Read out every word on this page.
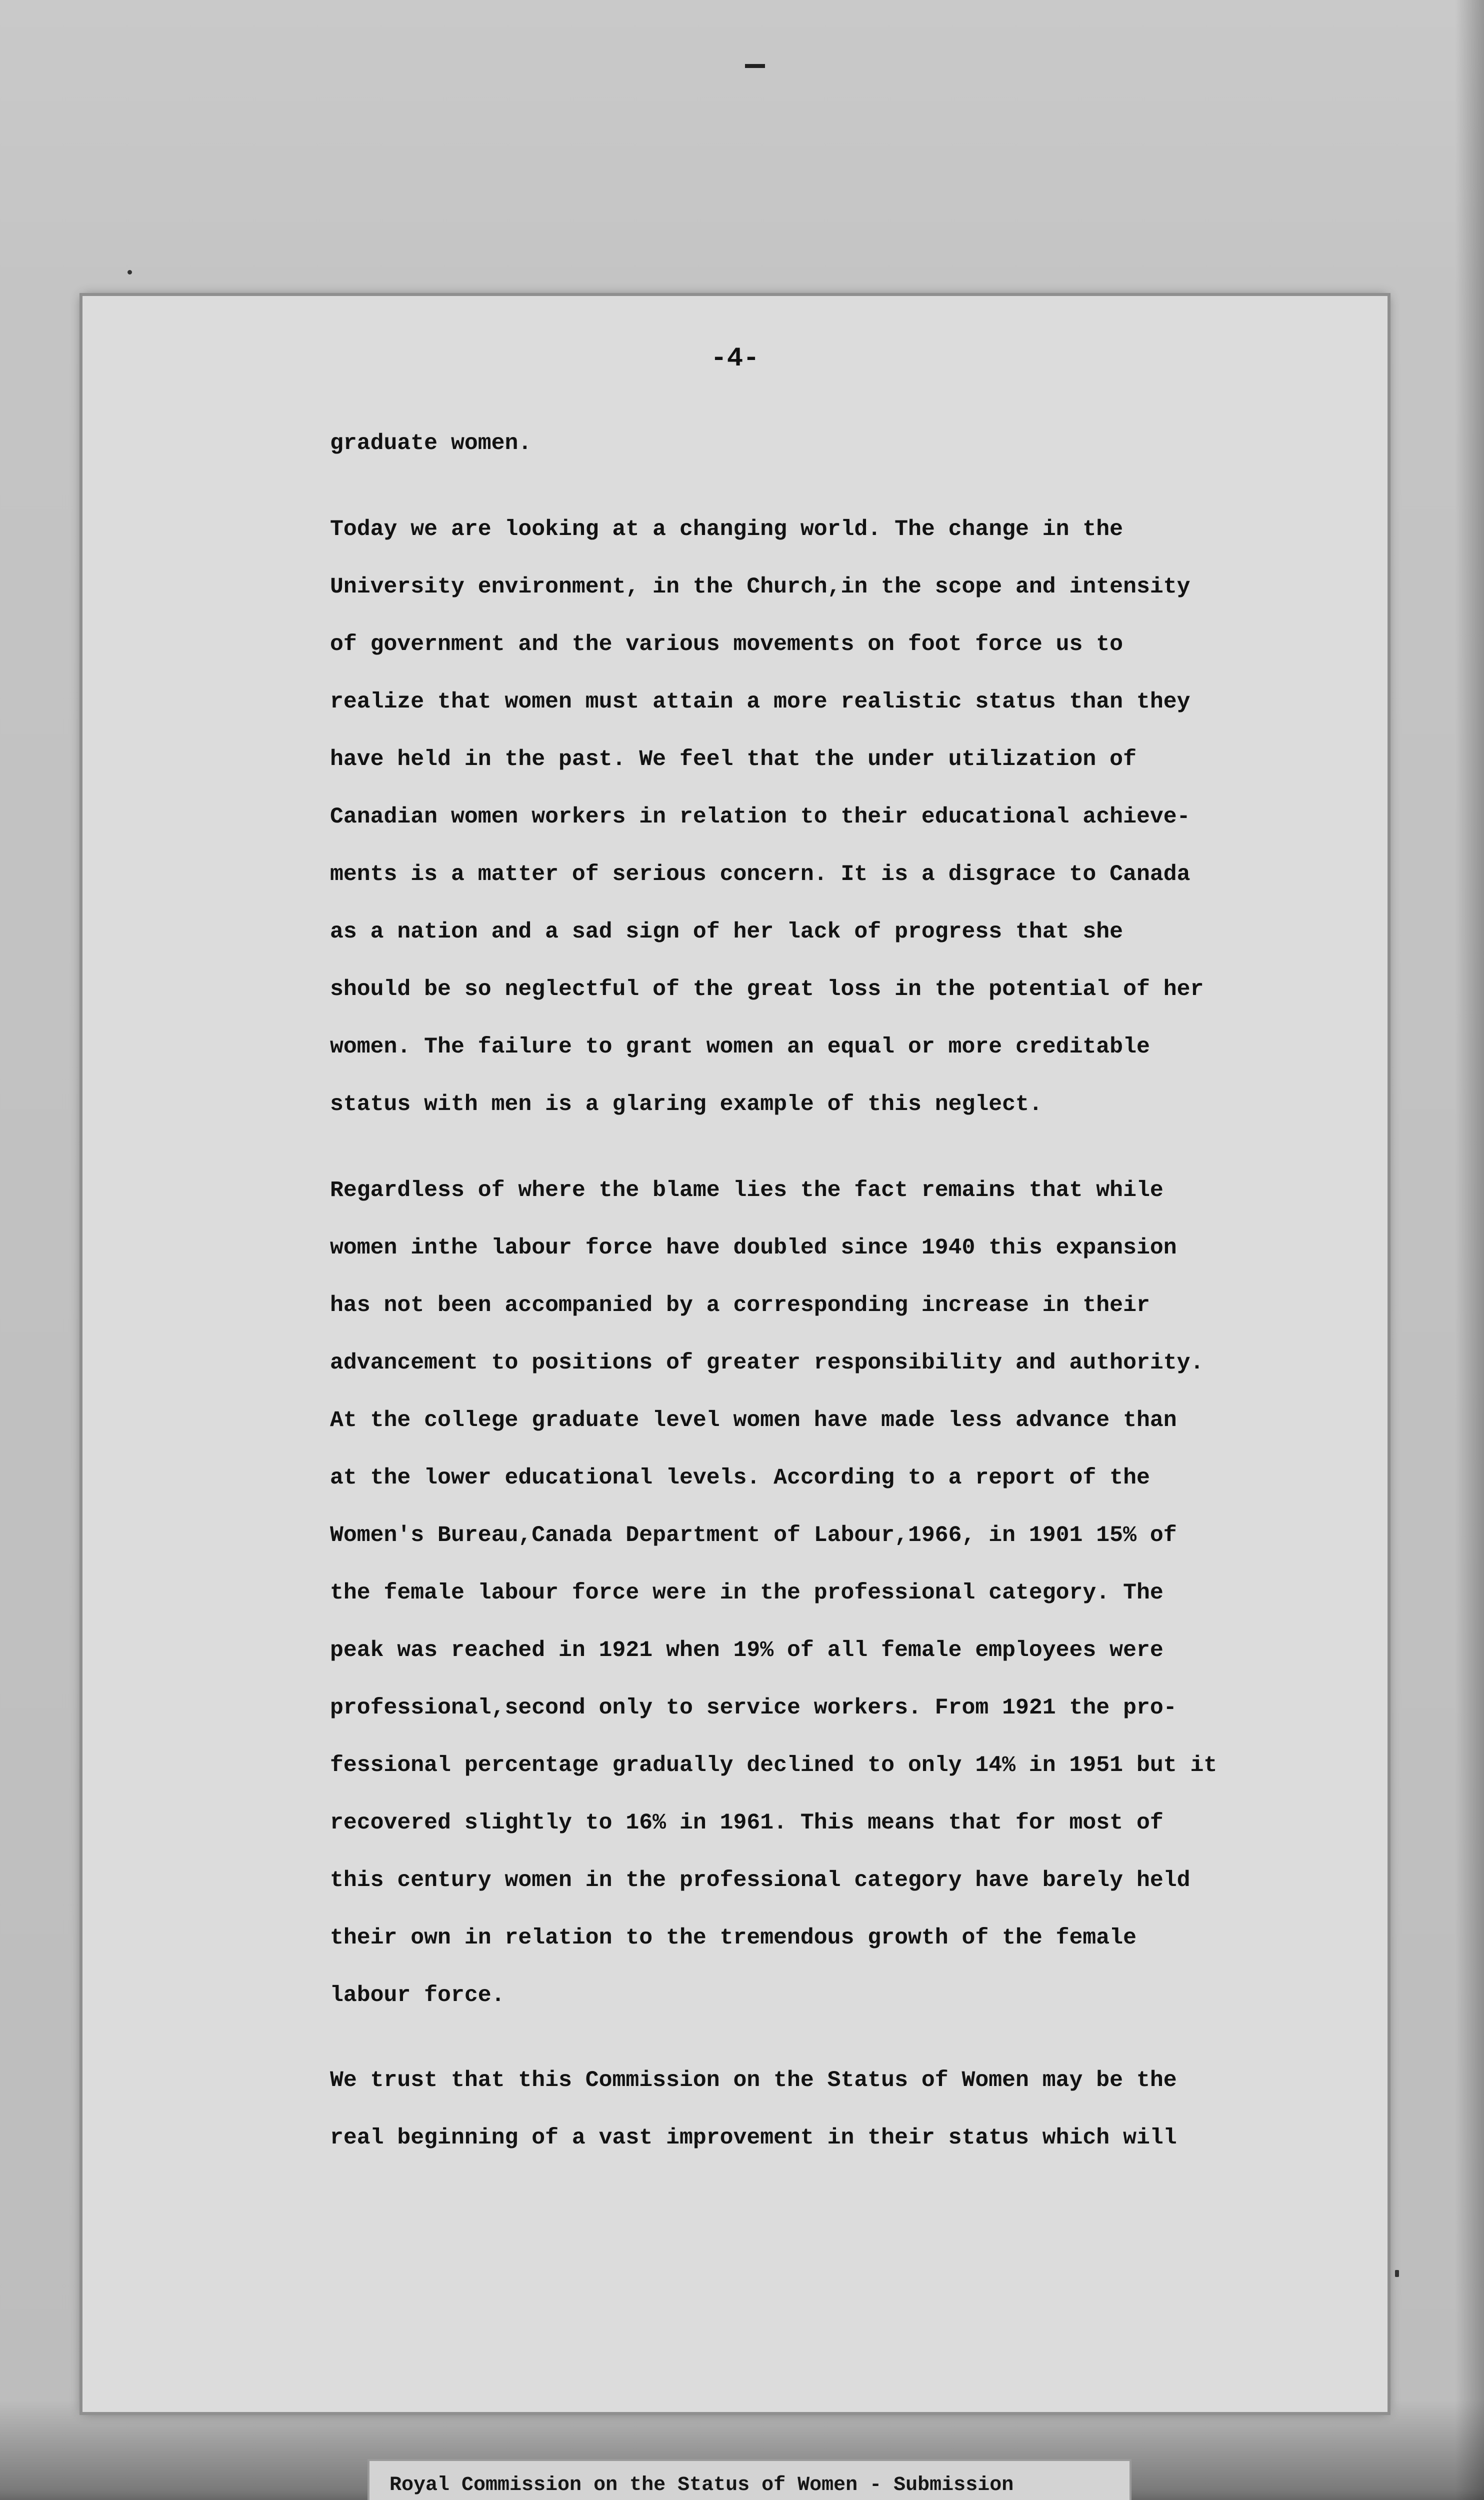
-4-
graduate women.
Today we are looking at a changing world. The change in the
University environment, in the Church,in the scope and intensity
of government and the various movements on foot force us to
realize that women must attain a more realistic status than they
have held in the past. We feel that the under utilization of
Canadian women workers in relation to their educational achieve-
ments is a matter of serious concern. It is a disgrace to Canada
as a nation and a sad sign of her lack of progress that she
should be so neglectful of the great loss in the potential of her
women. The failure to grant women an equal or more creditable
status with men is a glaring example of this neglect.
Regardless of where the blame lies the fact remains that while
women inthe labour force have doubled since 1940 this expansion
has not been accompanied by a corresponding increase in their
advancement to positions of greater responsibility and authority.
At the college graduate level women have made less advance than
at the lower educational levels. According to a report of the
Women's Bureau,Canada Department of Labour,1966, in 1901 15% of
the female labour force were in the professional category. The
peak was reached in 1921 when 19% of all female employees were
professional,second only to service workers. From 1921 the pro-
fessional percentage gradually declined to only 14% in 1951 but it
recovered slightly to 16% in 1961. This means that for most of
this century women in the professional category have barely held
their own in relation to the tremendous growth of the female
labour force.
We trust that this Commission on the Status of Women may be the
real beginning of a vast improvement in their status which will
Royal Commission on the Status of Women - Submission
